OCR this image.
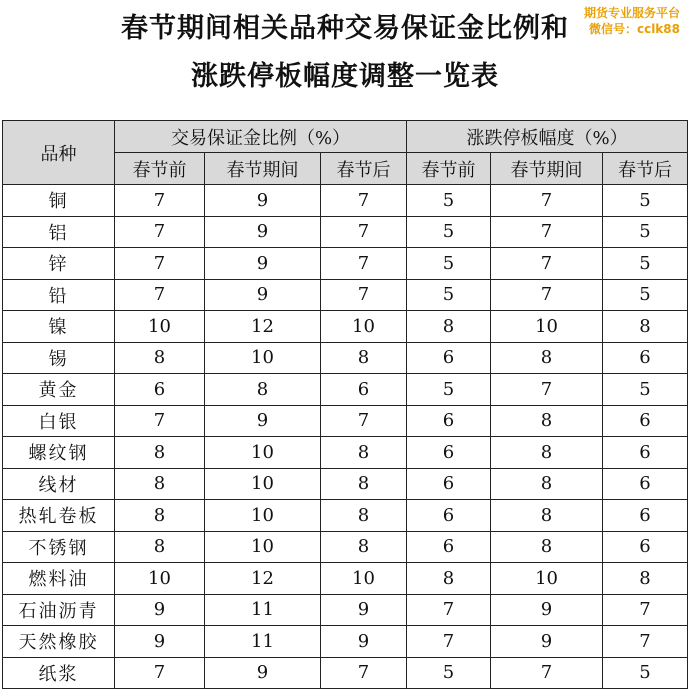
春节期间相关品种交易保证金比例和
涨跌停板幅度调整一览表
期货专业服务平台
微信号：cclk88
品种	交易保证金比例（%）			涨跌停板幅度（%）		
	春节前	春节期间	春节后	春节前	春节期间	春节后
铜	7	9	7	5	7	5
铝	7	9	7	5	7	5
锌	7	9	7	5	7	5
铅	7	9	7	5	7	5
镍	10	12	10	8	10	8
锡	8	10	8	6	8	6
黄金	6	8	6	5	7	5
白银	7	9	7	6	8	6
螺纹钢	8	10	8	6	8	6
线材	8	10	8	6	8	6
热轧卷板	8	10	8	6	8	6
不锈钢	8	10	8	6	8	6
燃料油	10	12	10	8	10	8
石油沥青	9	11	9	7	9	7
天然橡胶	9	11	9	7	9	7
纸浆	7	9	7	5	7	5
